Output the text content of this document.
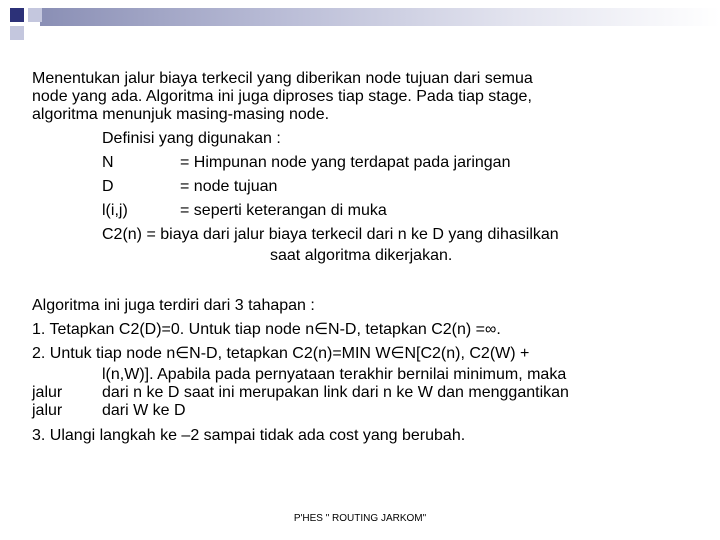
Menentukan jalur biaya terkecil yang diberikan node tujuan dari semua
node yang ada. Algoritma ini juga diproses tiap stage. Pada tiap stage,
algoritma menunjuk masing-masing node.
Definisi yang digunakan :
N	= Himpunan node yang terdapat pada jaringan
D	= node tujuan
l(i,j)	= seperti keterangan di muka
C2(n) = biaya dari jalur biaya terkecil dari n ke D yang dihasilkan
saat algoritma dikerjakan.
Algoritma ini juga terdiri dari 3 tahapan :
1. Tetapkan C2(D)=0. Untuk tiap node n∈N-D, tetapkan C2(n) =∞.
2. Untuk tiap node n∈N-D, tetapkan C2(n)=MIN W∈N[C2(n), C2(W) +
l(n,W)]. Apabila pada pernyataan terakhir bernilai minimum, maka
jalur dari n ke D saat ini merupakan link dari n ke W dan menggantikan
jalur dari W ke D
3. Ulangi langkah ke –2 sampai tidak ada cost yang berubah.
P'HES " ROUTING JARKOM"
